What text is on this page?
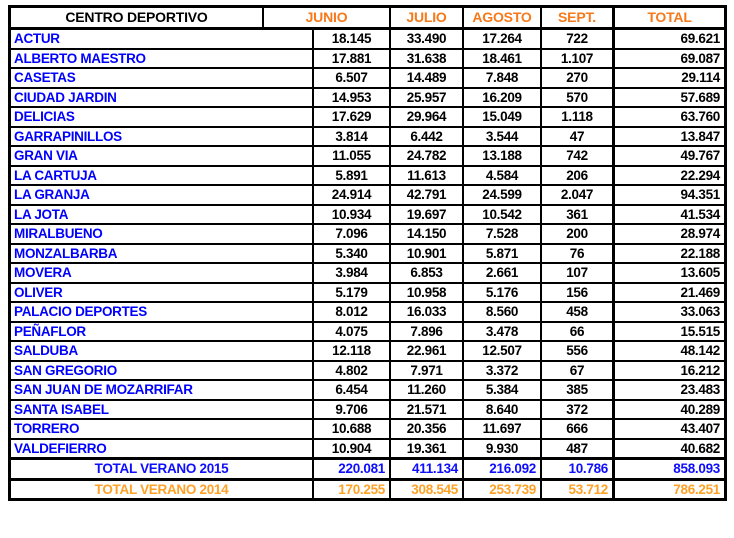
CENTRO DEPORTIVO	JUNIO	JULIO	AGOSTO	SEPT.	TOTAL
ACTUR	18.145	33.490	17.264	722	69.621
ALBERTO MAESTRO	17.881	31.638	18.461	1.107	69.087
CASETAS	6.507	14.489	7.848	270	29.114
CIUDAD JARDIN	14.953	25.957	16.209	570	57.689
DELICIAS	17.629	29.964	15.049	1.118	63.760
GARRAPINILLOS	3.814	6.442	3.544	47	13.847
GRAN VIA	11.055	24.782	13.188	742	49.767
LA CARTUJA	5.891	11.613	4.584	206	22.294
LA GRANJA	24.914	42.791	24.599	2.047	94.351
LA JOTA	10.934	19.697	10.542	361	41.534
MIRALBUENO	7.096	14.150	7.528	200	28.974
MONZALBARBA	5.340	10.901	5.871	76	22.188
MOVERA	3.984	6.853	2.661	107	13.605
OLIVER	5.179	10.958	5.176	156	21.469
PALACIO DEPORTES	8.012	16.033	8.560	458	33.063
PEÑAFLOR	4.075	7.896	3.478	66	15.515
SALDUBA	12.118	22.961	12.507	556	48.142
SAN GREGORIO	4.802	7.971	3.372	67	16.212
SAN JUAN DE MOZARRIFAR	6.454	11.260	5.384	385	23.483
SANTA ISABEL	9.706	21.571	8.640	372	40.289
TORRERO	10.688	20.356	11.697	666	43.407
VALDEFIERRO	10.904	19.361	9.930	487	40.682
TOTAL VERANO 2015	220.081	411.134	216.092	10.786	858.093
TOTAL VERANO 2014	170.255	308.545	253.739	53.712	786.251
